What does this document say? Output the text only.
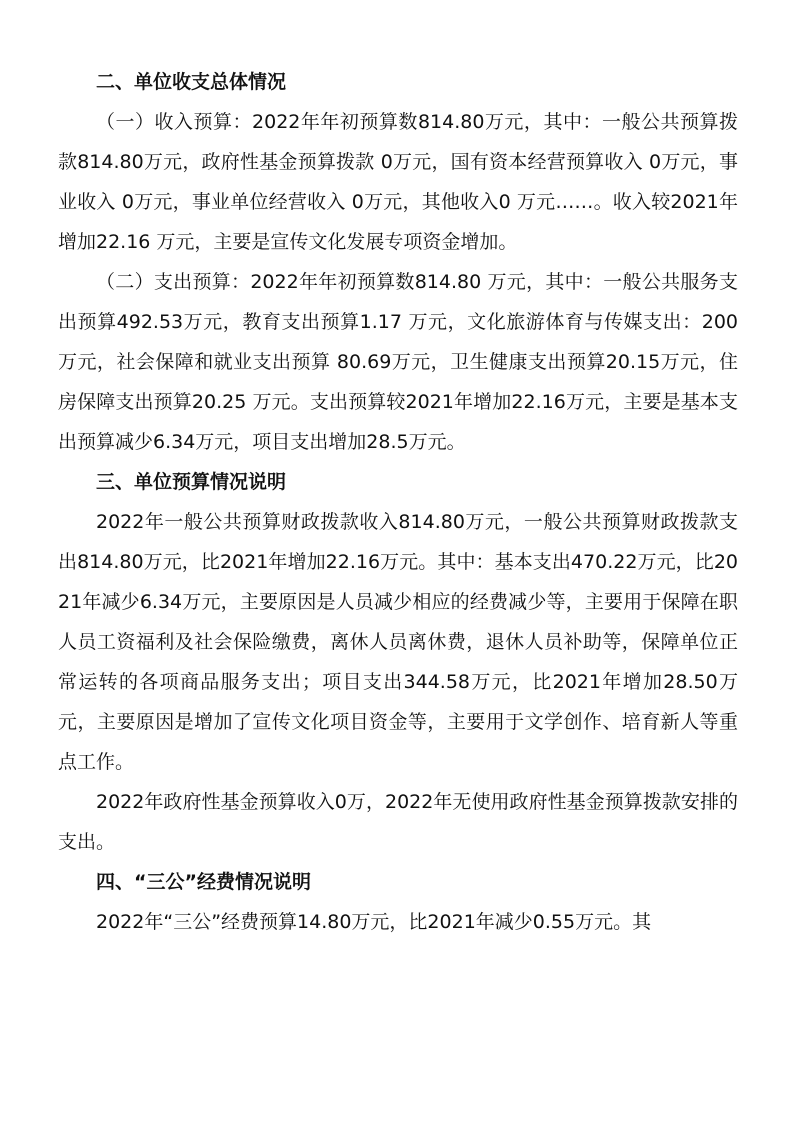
二、单位收支总体情况

（一）收入预算：2022年年初预算数814.80万元，其中：一般公共预算拨款814.80万元，政府性基金预算拨款 0万元，国有资本经营预算收入 0万元，事业收入 0万元，事业单位经营收入 0万元，其他收入0 万元……。收入较2021年增加22.16 万元，主要是宣传文化发展专项资金增加。

（二）支出预算：2022年年初预算数814.80 万元，其中：一般公共服务支出预算492.53万元，教育支出预算1.17 万元，文化旅游体育与传媒支出：200万元，社会保障和就业支出预算 80.69万元，卫生健康支出预算20.15万元，住房保障支出预算20.25 万元。支出预算较2021年增加22.16万元，主要是基本支出预算减少6.34万元，项目支出增加28.5万元。

三、单位预算情况说明

2022年一般公共预算财政拨款收入814.80万元，一般公共预算财政拨款支出814.80万元，比2021年增加22.16万元。其中：基本支出470.22万元，比2021年减少6.34万元，主要原因是人员减少相应的经费减少等，主要用于保障在职人员工资福利及社会保险缴费，离休人员离休费，退休人员补助等，保障单位正常运转的各项商品服务支出；项目支出344.58万元，比2021年增加28.50万元，主要原因是增加了宣传文化项目资金等，主要用于文学创作、培育新人等重点工作。

2022年政府性基金预算收入0万，2022年无使用政府性基金预算拨款安排的支出。

四、“三公”经费情况说明

2022年“三公”经费预算14.80万元，比2021年减少0.55万元。其
